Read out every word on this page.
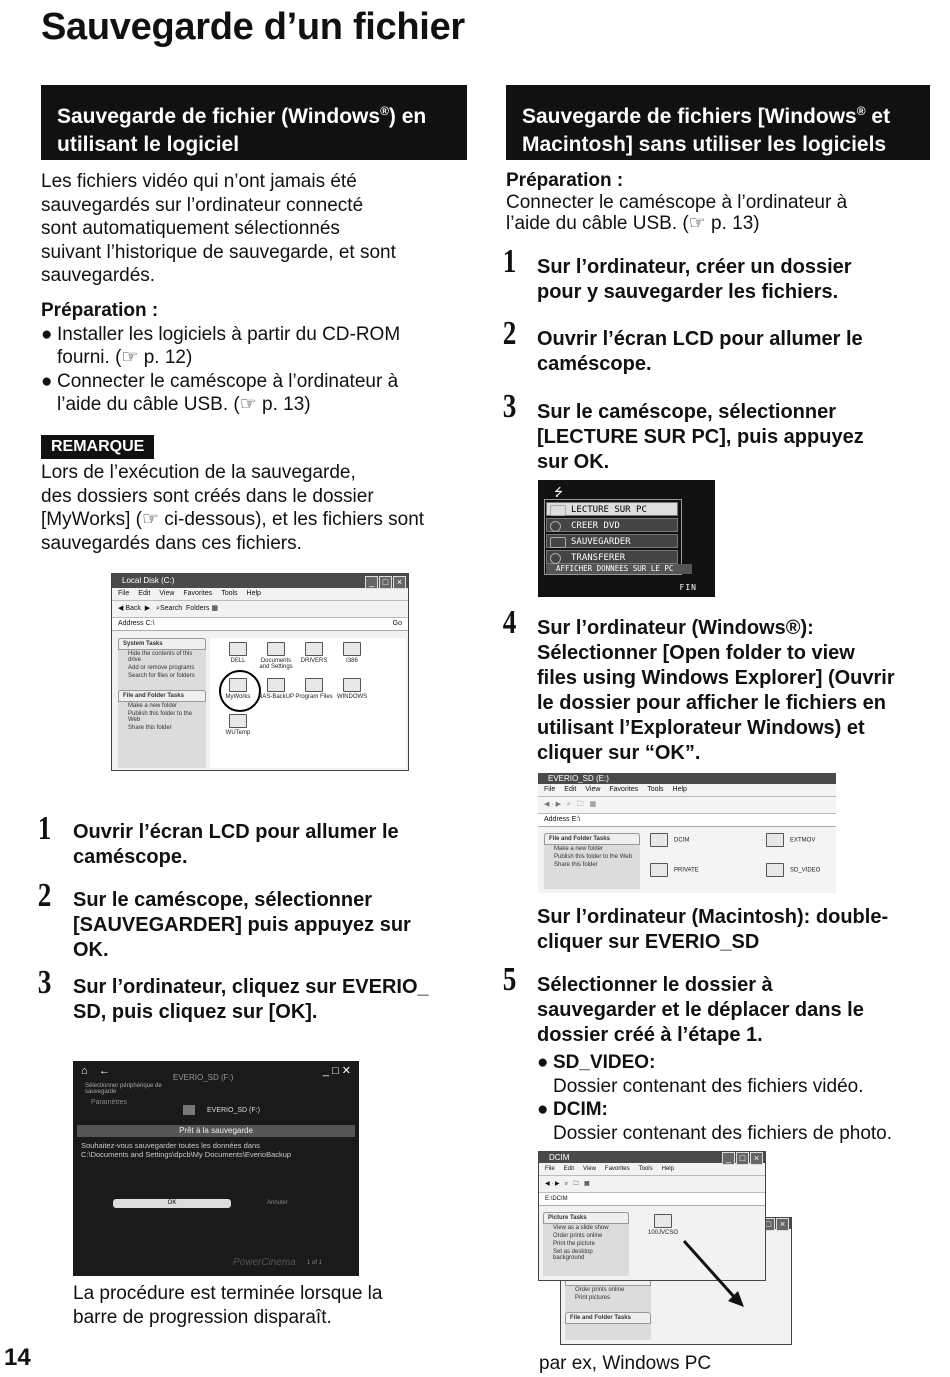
Sauvegarde d’un fichier
Sauvegarde de fichier (Windows®) en
utilisant le logiciel
Les fichiers vidéo qui n’ont jamais été
sauvegardés sur l’ordinateur connecté
sont automatiquement sélectionnés
suivant l’historique de sauvegarde, et sont
sauvegardés.
Préparation :
● Installer les logiciels à partir du CD-ROM
fourni. (☞ p. 12)
● Connecter le caméscope à l’ordinateur à
l’aide du câble USB. (☞ p. 13)
REMARQUE
Lors de l’exécution de la sauvegarde,
des dossiers sont créés dans le dossier
[MyWorks] (☞ ci-dessous), et les fichiers sont
sauvegardés dans ces fichiers.
Local Disk (C:)	_ □ ×
File Edit View Favorites Tools Help
◀ Back ▶ ⌕Search Folders ▦
Address C:\	Go
System Tasks
Hide the contents of this drive
Add or remove programs
Search for files or folders
File and Folder Tasks
Make a new folder
Publish this folder to the Web
Share this folder
DELL	Documents and Settings
DRIVERS	I386
MyWorks	NAS-BackUP Program Files WINDOWS
WUTemp
1 Ouvrir l’écran LCD pour allumer le
caméscope.
2 Sur le caméscope, sélectionner
[SAUVEGARDER] puis appuyez sur
OK.
3 Sur l’ordinateur, cliquez sur EVERIO_
SD, puis cliquez sur [OK].
⌂ ←
EVERIO_SD (F:)
_ □ ✕
Sélectionner périphérique de sauvegarde
Paramètres
EVERIO_SD (F:)
Prêt à la sauvegarde
Souhaitez-vous sauvegarder toutes les données dans
C:\Documents and Settings\dpcb\My Documents\EverioBackup
OK	Annuler
PowerCinema 1 of 1
La procédure est terminée lorsque la
barre de progression disparaît.
14
Sauvegarde de fichiers [Windows® et
Macintosh] sans utiliser les logiciels
Préparation :
Connecter le caméscope à l’ordinateur à
l’aide du câble USB. (☞ p. 13)
1 Sur l’ordinateur, créer un dossier
pour y sauvegarder les fichiers.
2 Ouvrir l’écran LCD pour allumer le
caméscope.
3 Sur le caméscope, sélectionner
[LECTURE SUR PC], puis appuyez
sur OK.
⭍
LECTURE SUR PC
CREER DVD
SAUVEGARDER
TRANSFERER
AFFICHER DONNEES SUR LE PC
FIN
4 Sur l’ordinateur (Windows®):
Sélectionner [Open folder to view
files using Windows Explorer] (Ouvrir
le dossier pour afficher le fichiers en
utilisant l’Explorateur Windows) et
cliquer sur “OK”.
EVERIO_SD (E:)
File Edit View Favorites Tools Help
◀ · ▶ ⌕ 🗀 ▦
Address E:\
File and Folder Tasks
Make a new folder
Publish this folder to the Web
Share this folder
DCIM	EXTMOV
PRIVATE	SD_VIDEO
Sur l’ordinateur (Macintosh): double-
cliquer sur EVERIO_SD
5 Sélectionner le dossier à
sauvegarder et le déplacer dans le
dossier créé à l’étape 1.
● SD_VIDEO:
Dossier contenant des fichiers vidéo.
● DCIM:
Dossier contenant des fichiers de photo.
□ ×
Order prints online
Print pictures
File and Folder Tasks
DCIM	_ □ ×
File Edit View Favorites Tools Help
◀ · ▶ ⌕ 🗀 ▦
E:\DCIM
Picture Tasks
View as a slide show
Order prints online
Print the picture
Set as desktop background
100JVCSO
par ex, Windows PC
